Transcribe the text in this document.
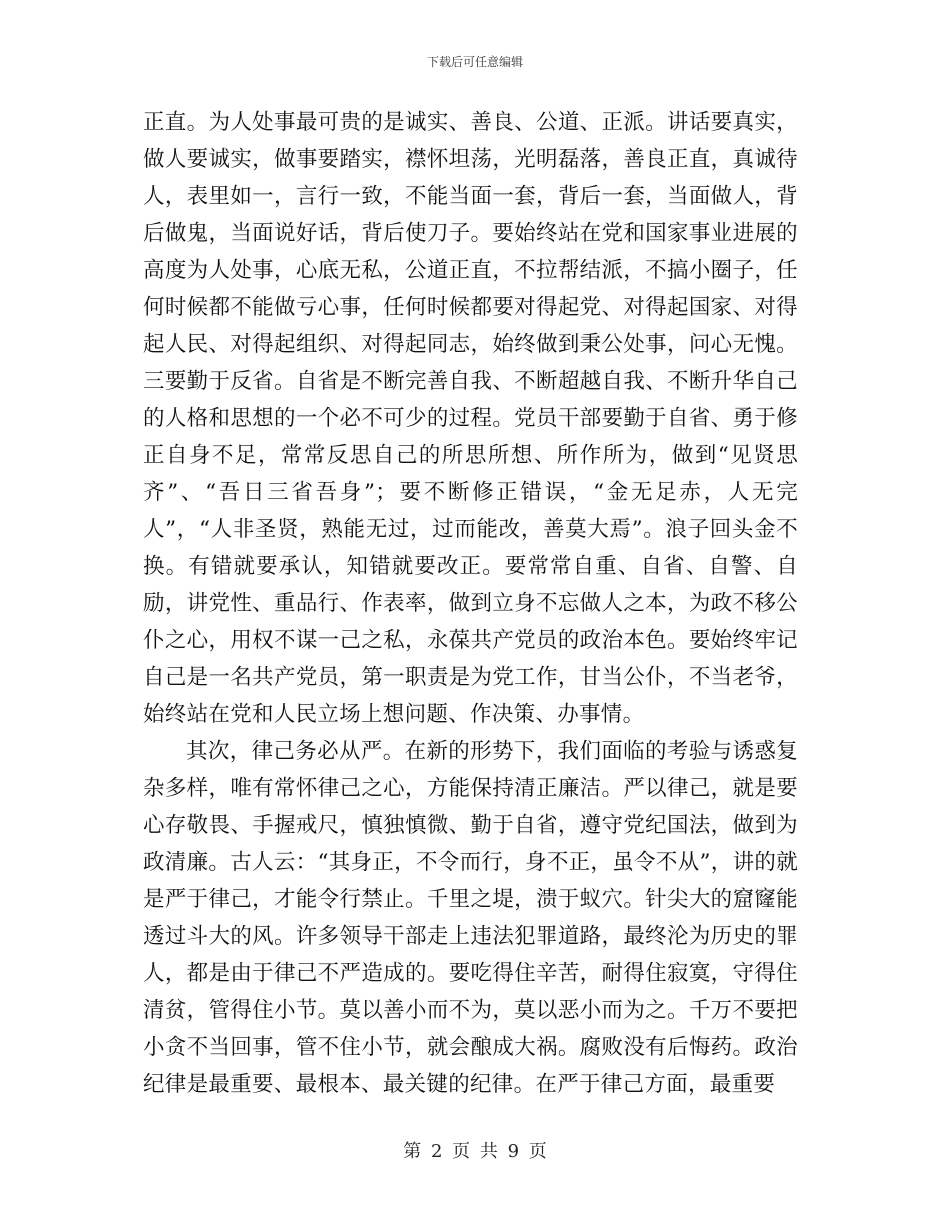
下载后可任意编辑

正直。为人处事最可贵的是诚实、善良、公道、正派。讲话要真实，做人要诚实，做事要踏实，襟怀坦荡，光明磊落，善良正直，真诚待人，表里如一，言行一致，不能当面一套，背后一套，当面做人，背后做鬼，当面说好话，背后使刀子。要始终站在党和国家事业进展的高度为人处事，心底无私，公道正直，不拉帮结派，不搞小圈子，任何时候都不能做亏心事，任何时候都要对得起党、对得起国家、对得起人民、对得起组织、对得起同志，始终做到秉公处事，问心无愧。三要勤于反省。自省是不断完善自我、不断超越自我、不断升华自己的人格和思想的一个必不可少的过程。党员干部要勤于自省、勇于修正自身不足，常常反思自己的所思所想、所作所为，做到“见贤思齐”、“吾日三省吾身”；要不断修正错误，“金无足赤，人无完人”，“人非圣贤，熟能无过，过而能改，善莫大焉”。浪子回头金不换。有错就要承认，知错就要改正。要常常自重、自省、自警、自励，讲党性、重品行、作表率，做到立身不忘做人之本，为政不移公仆之心，用权不谋一己之私，永葆共产党员的政治本色。要始终牢记自己是一名共产党员，第一职责是为党工作，甘当公仆，不当老爷，始终站在党和人民立场上想问题、作决策、办事情。

其次，律己务必从严。在新的形势下，我们面临的考验与诱惑复杂多样，唯有常怀律己之心，方能保持清正廉洁。严以律己，就是要心存敬畏、手握戒尺，慎独慎微、勤于自省，遵守党纪国法，做到为政清廉。古人云：“其身正，不令而行，身不正，虽令不从”，讲的就是严于律己，才能令行禁止。千里之堤，溃于蚁穴。针尖大的窟窿能透过斗大的风。许多领导干部走上违法犯罪道路，最终沦为历史的罪人，都是由于律己不严造成的。要吃得住辛苦，耐得住寂寞，守得住清贫，管得住小节。莫以善小而不为，莫以恶小而为之。千万不要把小贪不当回事，管不住小节，就会酿成大祸。腐败没有后悔药。政治纪律是最重要、最根本、最关键的纪律。在严于律己方面，最重要

第 2 页 共 9 页
